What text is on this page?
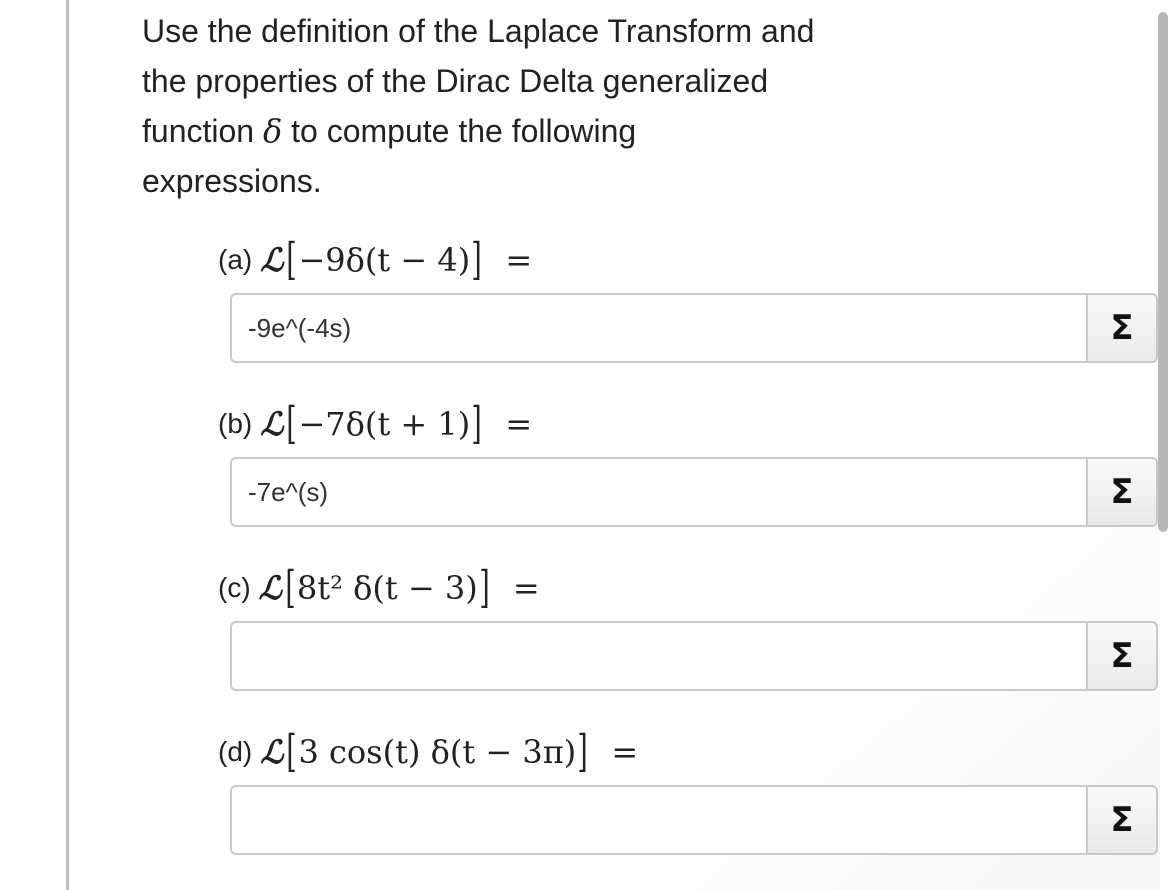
Use the definition of the Laplace Transform and
the properties of the Dirac Delta generalized
function δ to compute the following
expressions.
(a) ℒ [ −9δ(t − 4) ] =
-9e^(-4s)	Σ
(b) ℒ [ −7δ(t + 1) ] =
-7e^(s)	Σ
(c) ℒ [ 8t² δ(t − 3) ] =
Σ
(d) ℒ [ 3 cos(t) δ(t − 3π) ] =
Σ
